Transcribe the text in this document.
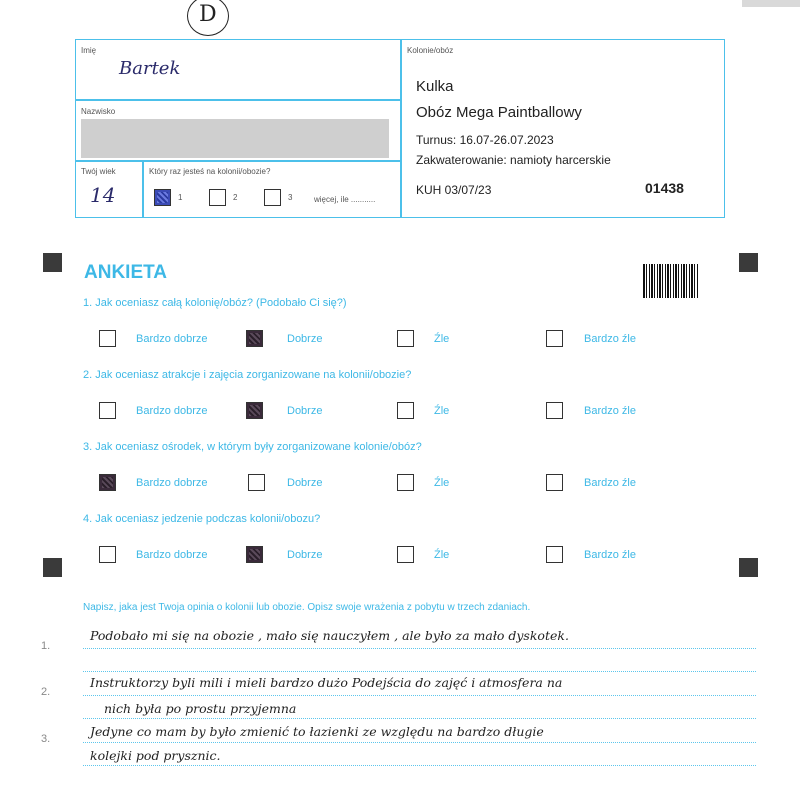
D
Imię
Bartek
Nazwisko
Twój wiek
14
Który raz jesteś na kolonii/obozie?
1	2	3	więcej, ile ...........
Kolonie/obóz
Kulka
Obóz Mega Paintballowy
Turnus: 16.07-26.07.2023
Zakwaterowanie: namioty harcerskie
KUH 03/07/23	01438
ANKIETA
1. Jak oceniasz całą kolonię/obóz? (Podobało Ci się?)
Bardzo dobrze	Dobrze	Źle	Bardzo źle
2. Jak oceniasz atrakcje i zajęcia zorganizowane na kolonii/obozie?
Bardzo dobrze	Dobrze	Źle	Bardzo źle
3. Jak oceniasz ośrodek, w którym były zorganizowane kolonie/obóz?
Bardzo dobrze	Dobrze	Źle	Bardzo źle
4. Jak oceniasz jedzenie podczas kolonii/obozu?
Bardzo dobrze	Dobrze	Źle	Bardzo źle
Napisz, jaka jest Twoja opinia o kolonii lub obozie. Opisz swoje wrażenia z pobytu w trzech zdaniach.
1.
2.
3.
Podobało mi się na obozie , mało się nauczyłem , ale było za mało dyskotek.
Instruktorzy byli mili i mieli bardzo dużo Podejścia do zajęć i atmosfera na
nich była po prostu przyjemna
Jedyne co mam by było zmienić to łazienki ze względu na bardzo długie
kolejki pod prysznic.
